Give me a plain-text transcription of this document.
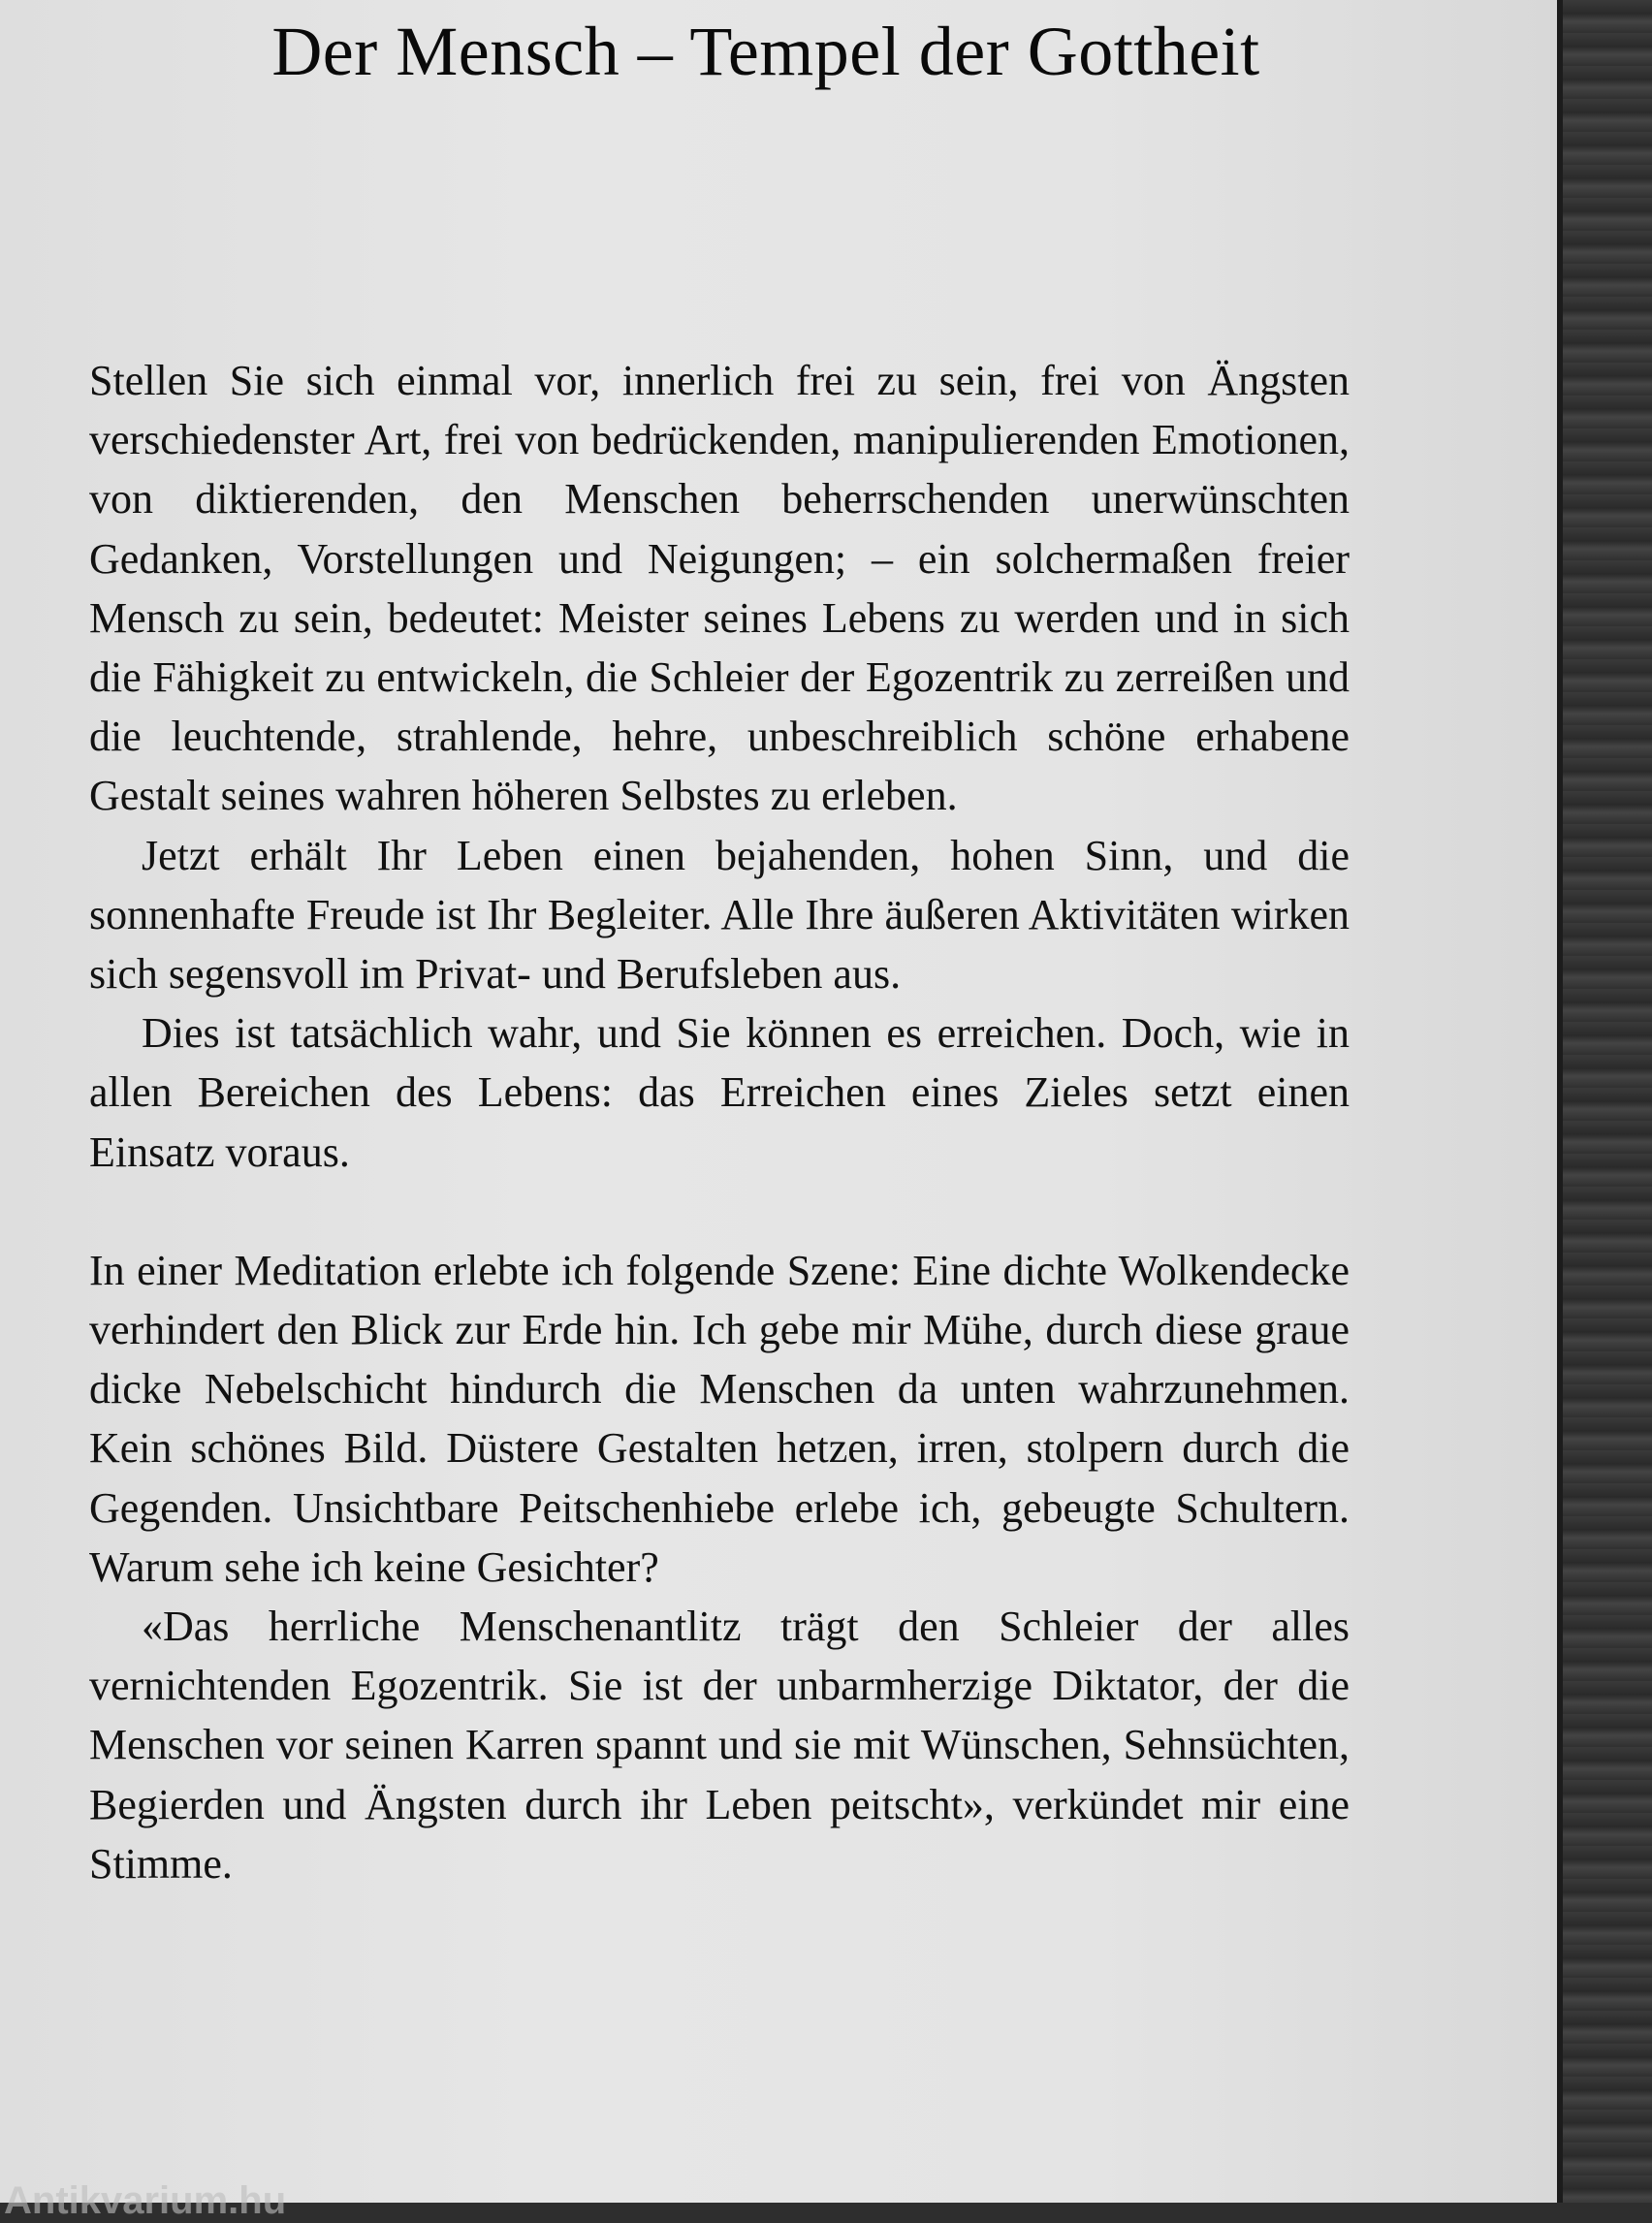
Der Mensch – Tempel der Gottheit

Stellen Sie sich einmal vor, innerlich frei zu sein, frei von Ängsten verschiedenster Art, frei von bedrückenden, manipulierenden Emotionen, von diktierenden, den Menschen beherrschenden unerwünschten Gedanken, Vorstellungen und Neigungen; – ein solchermaßen freier Mensch zu sein, bedeutet: Meister seines Lebens zu werden und in sich die Fähigkeit zu entwickeln, die Schleier der Egozentrik zu zerreißen und die leuchtende, strahlende, hehre, unbeschreiblich schöne erhabene Gestalt seines wahren höheren Selbstes zu erleben.

Jetzt erhält Ihr Leben einen bejahenden, hohen Sinn, und die sonnenhafte Freude ist Ihr Begleiter. Alle Ihre äußeren Aktivitäten wirken sich segensvoll im Privat- und Berufsleben aus.

Dies ist tatsächlich wahr, und Sie können es erreichen. Doch, wie in allen Bereichen des Lebens: das Erreichen eines Zieles setzt einen Einsatz voraus.

In einer Meditation erlebte ich folgende Szene: Eine dichte Wolkendecke verhindert den Blick zur Erde hin. Ich gebe mir Mühe, durch diese graue dicke Nebelschicht hindurch die Menschen da unten wahrzunehmen. Kein schönes Bild. Düstere Gestalten hetzen, irren, stolpern durch die Gegenden. Unsichtbare Peitschenhiebe erlebe ich, gebeugte Schultern. Warum sehe ich keine Gesichter?

«Das herrliche Menschenantlitz trägt den Schleier der alles vernichtenden Egozentrik. Sie ist der unbarmherzige Diktator, der die Menschen vor seinen Karren spannt und sie mit Wünschen, Sehnsüchten, Begierden und Ängsten durch ihr Leben peitscht», verkündet mir eine Stimme.

Antikvarium.hu
